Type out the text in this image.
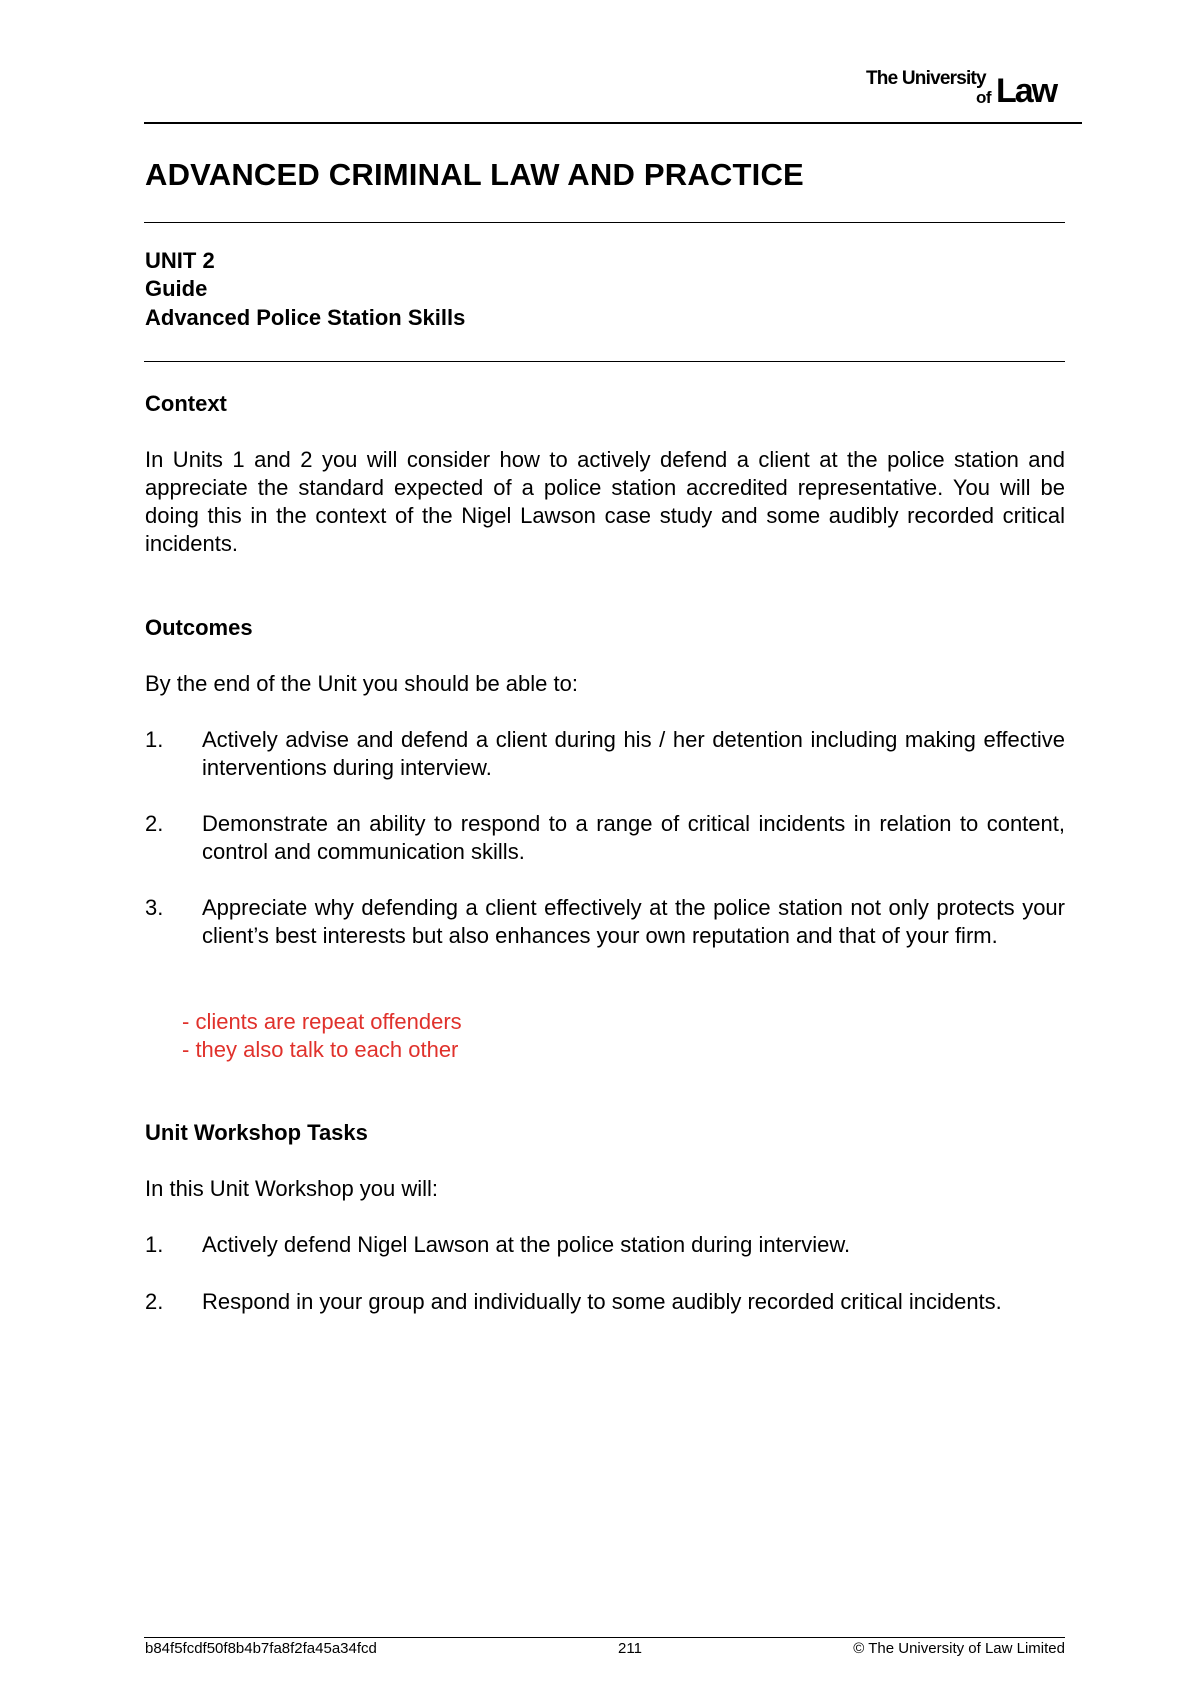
The University
of Law
ADVANCED CRIMINAL LAW AND PRACTICE
UNIT 2
Guide
Advanced Police Station Skills
Context
In Units 1 and 2 you will consider how to actively defend a client at the police station and appreciate the standard expected of a police station accredited representative. You will be doing this in the context of the Nigel Lawson case study and some audibly recorded critical incidents.
Outcomes
By the end of the Unit you should be able to:
1. Actively advise and defend a client during his / her detention including making effective interventions during interview.
2. Demonstrate an ability to respond to a range of critical incidents in relation to content, control and communication skills.
3. Appreciate why defending a client effectively at the police station not only protects your client’s best interests but also enhances your own reputation and that of your firm.
- clients are repeat offenders
- they also talk to each other
Unit Workshop Tasks
In this Unit Workshop you will:
1. Actively defend Nigel Lawson at the police station during interview.
2. Respond in your group and individually to some audibly recorded critical incidents.
b84f5fcdf50f8b4b7fa8f2fa45a34fcd	211	© The University of Law Limited
